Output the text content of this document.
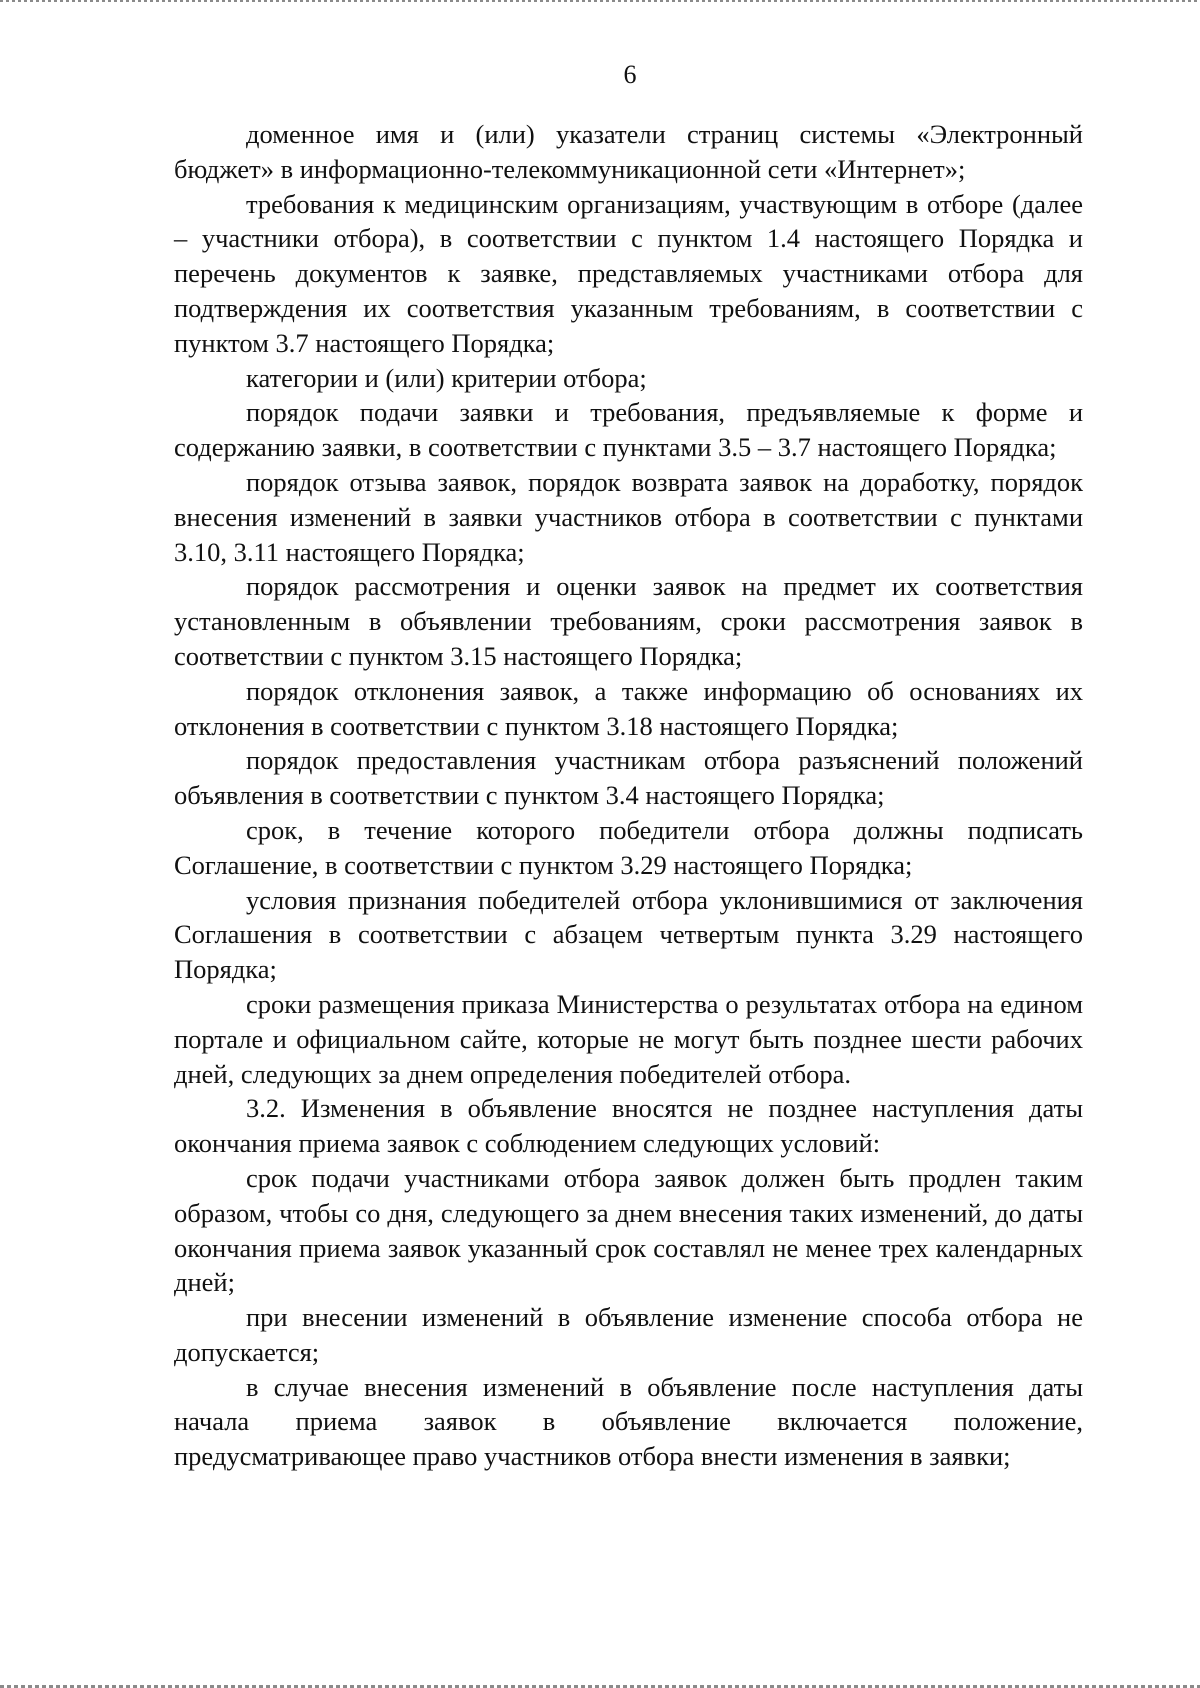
6

доменное имя и (или) указатели страниц системы «Электронный бюджет» в информационно-телекоммуникационной сети «Интернет»;

требования к медицинским организациям, участвующим в отборе (далее – участники отбора), в соответствии с пунктом 1.4 настоящего Порядка и перечень документов к заявке, представляемых участниками отбора для подтверждения их соответствия указанным требованиям, в соответствии с пунктом 3.7 настоящего Порядка;

категории и (или) критерии отбора;

порядок подачи заявки и требования, предъявляемые к форме и содержанию заявки, в соответствии с пунктами 3.5 – 3.7 настоящего Порядка;

порядок отзыва заявок, порядок возврата заявок на доработку, порядок внесения изменений в заявки участников отбора в соответствии с пунктами 3.10, 3.11 настоящего Порядка;

порядок рассмотрения и оценки заявок на предмет их соответствия установленным в объявлении требованиям, сроки рассмотрения заявок в соответствии с пунктом 3.15 настоящего Порядка;

порядок отклонения заявок, а также информацию об основаниях их отклонения в соответствии с пунктом 3.18 настоящего Порядка;

порядок предоставления участникам отбора разъяснений положений объявления в соответствии с пунктом 3.4 настоящего Порядка;

срок, в течение которого победители отбора должны подписать Соглашение, в соответствии с пунктом 3.29 настоящего Порядка;

условия признания победителей отбора уклонившимися от заключения Соглашения в соответствии с абзацем четвертым пункта 3.29 настоящего Порядка;

сроки размещения приказа Министерства о результатах отбора на едином портале и официальном сайте, которые не могут быть позднее шести рабочих дней, следующих за днем определения победителей отбора.

3.2. Изменения в объявление вносятся не позднее наступления даты окончания приема заявок с соблюдением следующих условий:

срок подачи участниками отбора заявок должен быть продлен таким образом, чтобы со дня, следующего за днем внесения таких изменений, до даты окончания приема заявок указанный срок составлял не менее трех календарных дней;

при внесении изменений в объявление изменение способа отбора не допускается;

в случае внесения изменений в объявление после наступления даты начала приема заявок в объявление включается положение, предусматривающее право участников отбора внести изменения в заявки;
